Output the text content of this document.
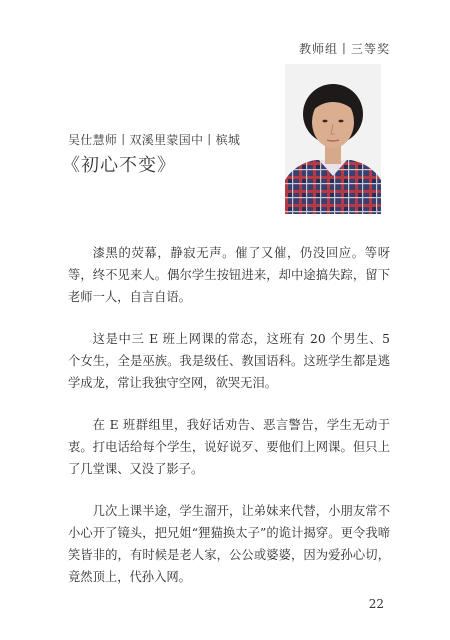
教师组丨三等奖
吴仕慧师丨双溪里蒙国中丨槟城
《初心不变》

漆黑的荧幕，静寂无声。催了又催，仍没回应。等呀等，终不见来人。偶尔学生按钮进来，却中途搞失踪，留下老师一人，自言自语。

这是中三 E 班上网课的常态，这班有 20 个男生、5 个女生，全是巫族。我是级任、教国语科。这班学生都是逃学成龙，常让我独守空网，欲哭无泪。

在 E 班群组里，我好话劝告、恶言警告，学生无动于衷。打电话给每个学生，说好说歹、要他们上网课。但只上了几堂课、又没了影子。

几次上课半途，学生溜开，让弟妹来代替，小朋友常不小心开了镜头，把兄姐“狸猫换太子”的诡计揭穿。更令我啼笑皆非的，有时候是老人家，公公或婆婆，因为爱孙心切，竟然顶上，代孙入网。

22
